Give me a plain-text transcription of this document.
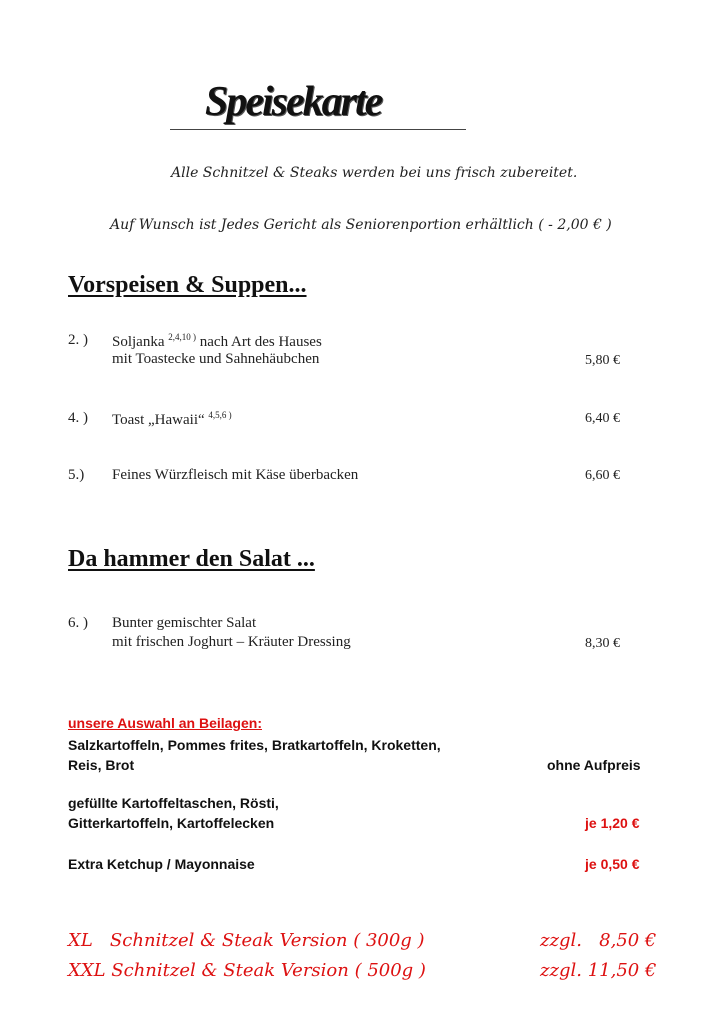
Speisekarte
Alle Schnitzel & Steaks werden bei uns frisch zubereitet.
Auf Wunsch ist Jedes Gericht als Seniorenportion erhältlich ( - 2,00 € )
Vorspeisen & Suppen...
2. ) Soljanka $^{2,4,10 )}$ nach Art des Hauses
mit Toastecke und Sahnehäubchen	5,80 €
4. ) Toast „Hawaii“ $^{4,5,6 )}$	6,40 €
5.) Feines Würzfleisch mit Käse überbacken	6,60 €
Da hammer den Salat ...
6. ) Bunter gemischter Salat
mit frischen Joghurt – Kräuter Dressing	8,30 €
unsere Auswahl an Beilagen:
Salzkartoffeln, Pommes frites, Bratkartoffeln, Kroketten,
Reis, Brot	ohne Aufpreis
gefüllte Kartoffeltaschen, Rösti,
Gitterkartoffeln, Kartoffelecken	je 1,20 €
Extra Ketchup / Mayonnaise	je 0,50 €
XL   Schnitzel & Steak Version ( 300g )	zzgl.   8,50 €
XXL Schnitzel & Steak Version ( 500g )	zzgl. 11,50 €
